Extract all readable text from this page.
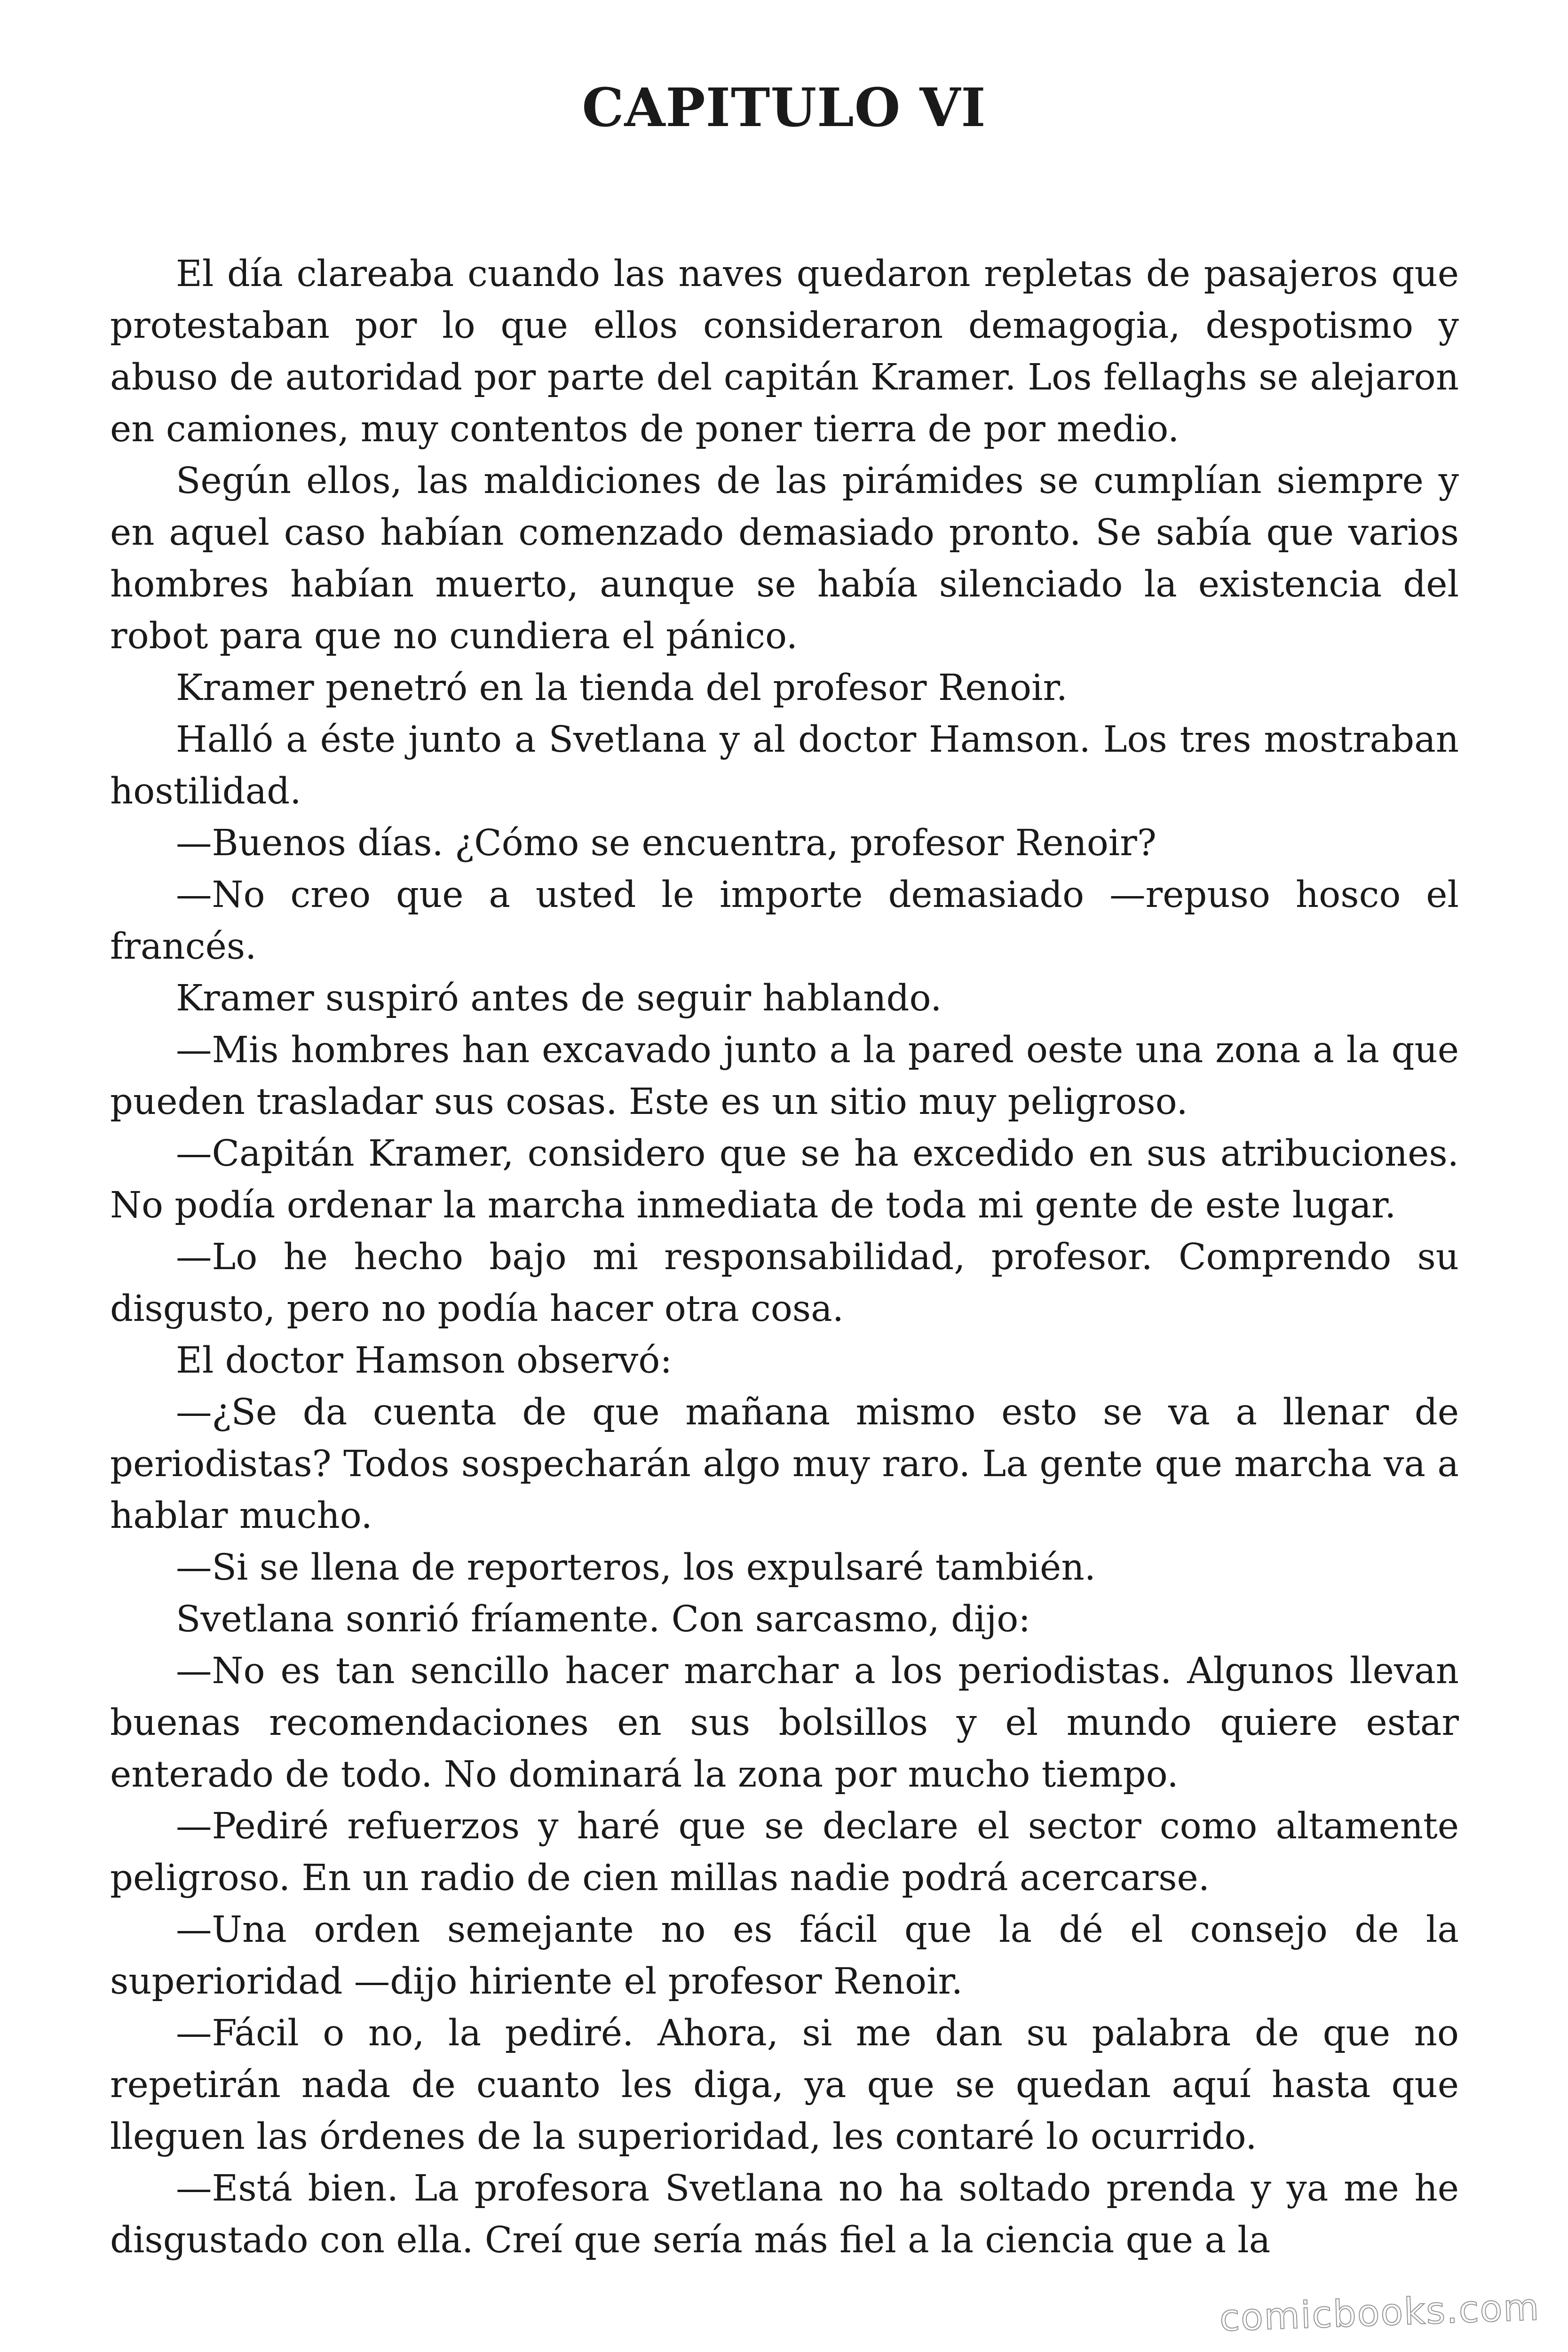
CAPITULO VI

El día clareaba cuando las naves quedaron repletas de pasajeros que protestaban por lo que ellos consideraron demagogia, despotismo y abuso de autoridad por parte del capitán Kramer. Los fellaghs se alejaron en camiones, muy contentos de poner tierra de por medio.

Según ellos, las maldiciones de las pirámides se cumplían siempre y en aquel caso habían comenzado demasiado pronto. Se sabía que varios hombres habían muerto, aunque se había silenciado la existencia del robot para que no cundiera el pánico.

Kramer penetró en la tienda del profesor Renoir.

Halló a éste junto a Svetlana y al doctor Hamson. Los tres mostraban hostilidad.

—Buenos días. ¿Cómo se encuentra, profesor Renoir?

—No creo que a usted le importe demasiado —repuso hosco el francés.

Kramer suspiró antes de seguir hablando.

—Mis hombres han excavado junto a la pared oeste una zona a la que pueden trasladar sus cosas. Este es un sitio muy peligroso.

—Capitán Kramer, considero que se ha excedido en sus atribuciones. No podía ordenar la marcha inmediata de toda mi gente de este lugar.

—Lo he hecho bajo mi responsabilidad, profesor. Comprendo su disgusto, pero no podía hacer otra cosa.

El doctor Hamson observó:

—¿Se da cuenta de que mañana mismo esto se va a llenar de periodistas? Todos sospecharán algo muy raro. La gente que marcha va a hablar mucho.

—Si se llena de reporteros, los expulsaré también.

Svetlana sonrió fríamente. Con sarcasmo, dijo:

—No es tan sencillo hacer marchar a los periodistas. Algunos llevan buenas recomendaciones en sus bolsillos y el mundo quiere estar enterado de todo. No dominará la zona por mucho tiempo.

—Pediré refuerzos y haré que se declare el sector como altamente peligroso. En un radio de cien millas nadie podrá acercarse.

—Una orden semejante no es fácil que la dé el consejo de la superioridad —dijo hiriente el profesor Renoir.

—Fácil o no, la pediré. Ahora, si me dan su palabra de que no repetirán nada de cuanto les diga, ya que se quedan aquí hasta que lleguen las órdenes de la superioridad, les contaré lo ocurrido.

—Está bien. La profesora Svetlana no ha soltado prenda y ya me he disgustado con ella. Creí que sería más fiel a la ciencia que a la

comicbooks.com
